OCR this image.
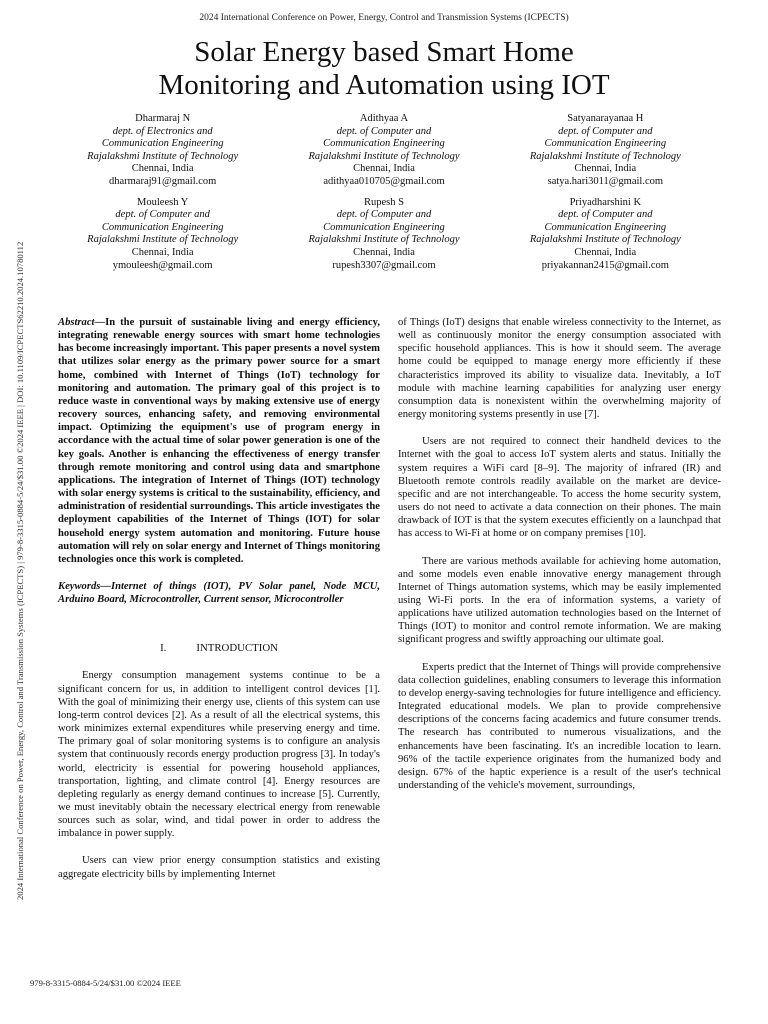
2024 International Conference on Power, Energy, Control and Transmission Systems (ICPECTS)
Solar Energy based Smart Home
Monitoring and Automation using IOT
2024 International Conference on Power, Energy, Control and Transmission Systems (ICPECTS) | 979-8-3315-0884-5/24/$31.00 ©2024 IEEE | DOI: 10.1109/ICPECTS62210.2024.10780112
Dharmaraj N
dept. of Electronics and
Communication Engineering
Rajalakshmi Institute of Technology
Chennai, India
dharmaraj91@gmail.com
Adithyaa A
dept. of Computer and
Communication Engineering
Rajalakshmi Institute of Technology
Chennai, India
adithyaa010705@gmail.com
Satyanarayanaa H
dept. of Computer and
Communication Engineering
Rajalakshmi Institute of Technology
Chennai, India
satya.hari3011@gmail.com
Mouleesh Y
dept. of Computer and
Communication Engineering
Rajalakshmi Institute of Technology
Chennai, India
ymouleesh@gmail.com
Rupesh S
dept. of Computer and
Communication Engineering
Rajalakshmi Institute of Technology
Chennai, India
rupesh3307@gmail.com
Priyadharshini K
dept. of Computer and
Communication Engineering
Rajalakshmi Institute of Technology
Chennai, India
priyakannan2415@gmail.com

Abstract—In the pursuit of sustainable living and energy efficiency, integrating renewable energy sources with smart home technologies has become increasingly important. This paper presents a novel system that utilizes solar energy as the primary power source for a smart home, combined with Internet of Things (IoT) technology for monitoring and automation. The primary goal of this project is to reduce waste in conventional ways by making extensive use of energy recovery sources, enhancing safety, and removing environmental impact. Optimizing the equipment's use of program energy in accordance with the actual time of solar power generation is one of the key goals. Another is enhancing the effectiveness of energy transfer through remote monitoring and control using data and smartphone applications. The integration of Internet of Things (IOT) technology with solar energy systems is critical to the sustainability, efficiency, and administration of residential surroundings. This article investigates the deployment capabilities of the Internet of Things (IOT) for solar household energy system automation and monitoring. Future house automation will rely on solar energy and Internet of Things monitoring technologies once this work is completed.

Keywords—Internet of things (IOT), PV Solar panel, Node MCU, Arduino Board, Microcontroller, Current sensor, Microcontroller

I.	INTRODUCTION

Energy consumption management systems continue to be a significant concern for us, in addition to intelligent control devices [1]. With the goal of minimizing their energy use, clients of this system can use long-term control devices [2]. As a result of all the electrical systems, this work minimizes external expenditures while preserving energy and time. The primary goal of solar monitoring systems is to configure an analysis system that continuously records energy production progress [3]. In today's world, electricity is essential for powering household appliances, transportation, lighting, and climate control [4]. Energy resources are depleting regularly as energy demand continues to increase [5]. Currently, we must inevitably obtain the necessary electrical energy from renewable sources such as solar, wind, and tidal power in order to address the imbalance in power supply.

Users can view prior energy consumption statistics and existing aggregate electricity bills by implementing Internet

of Things (IoT) designs that enable wireless connectivity to the Internet, as well as continuously monitor the energy consumption associated with specific household appliances. This is how it should seem. The average home could be equipped to manage energy more efficiently if these characteristics improved its ability to visualize data. Inevitably, a IoT module with machine learning capabilities for analyzing user energy consumption data is nonexistent within the overwhelming majority of energy monitoring systems presently in use [7].

Users are not required to connect their handheld devices to the Internet with the goal to access IoT system alerts and status. Initially the system requires a WiFi card [8–9]. The majority of infrared (IR) and Bluetooth remote controls readily available on the market are device-specific and are not interchangeable. To access the home security system, users do not need to activate a data connection on their phones. The main drawback of IOT is that the system executes efficiently on a launchpad that has access to Wi-Fi at home or on company premises [10].

There are various methods available for achieving home automation, and some models even enable innovative energy management through Internet of Things automation systems, which may be easily implemented using Wi-Fi ports. In the era of information systems, a variety of applications have utilized automation technologies based on the Internet of Things (IOT) to monitor and control remote information. We are making significant progress and swiftly approaching our ultimate goal.

Experts predict that the Internet of Things will provide comprehensive data collection guidelines, enabling consumers to leverage this information to develop energy-saving technologies for future intelligence and efficiency. Integrated educational models. We plan to provide comprehensive descriptions of the concerns facing academics and future consumer trends. The research has contributed to numerous visualizations, and the enhancements have been fascinating. It's an incredible location to learn. 96% of the tactile experience originates from the humanized body and design. 67% of the haptic experience is a result of the user's technical understanding of the vehicle's movement, surroundings,

979-8-3315-0884-5/24/$31.00 ©2024 IEEE
